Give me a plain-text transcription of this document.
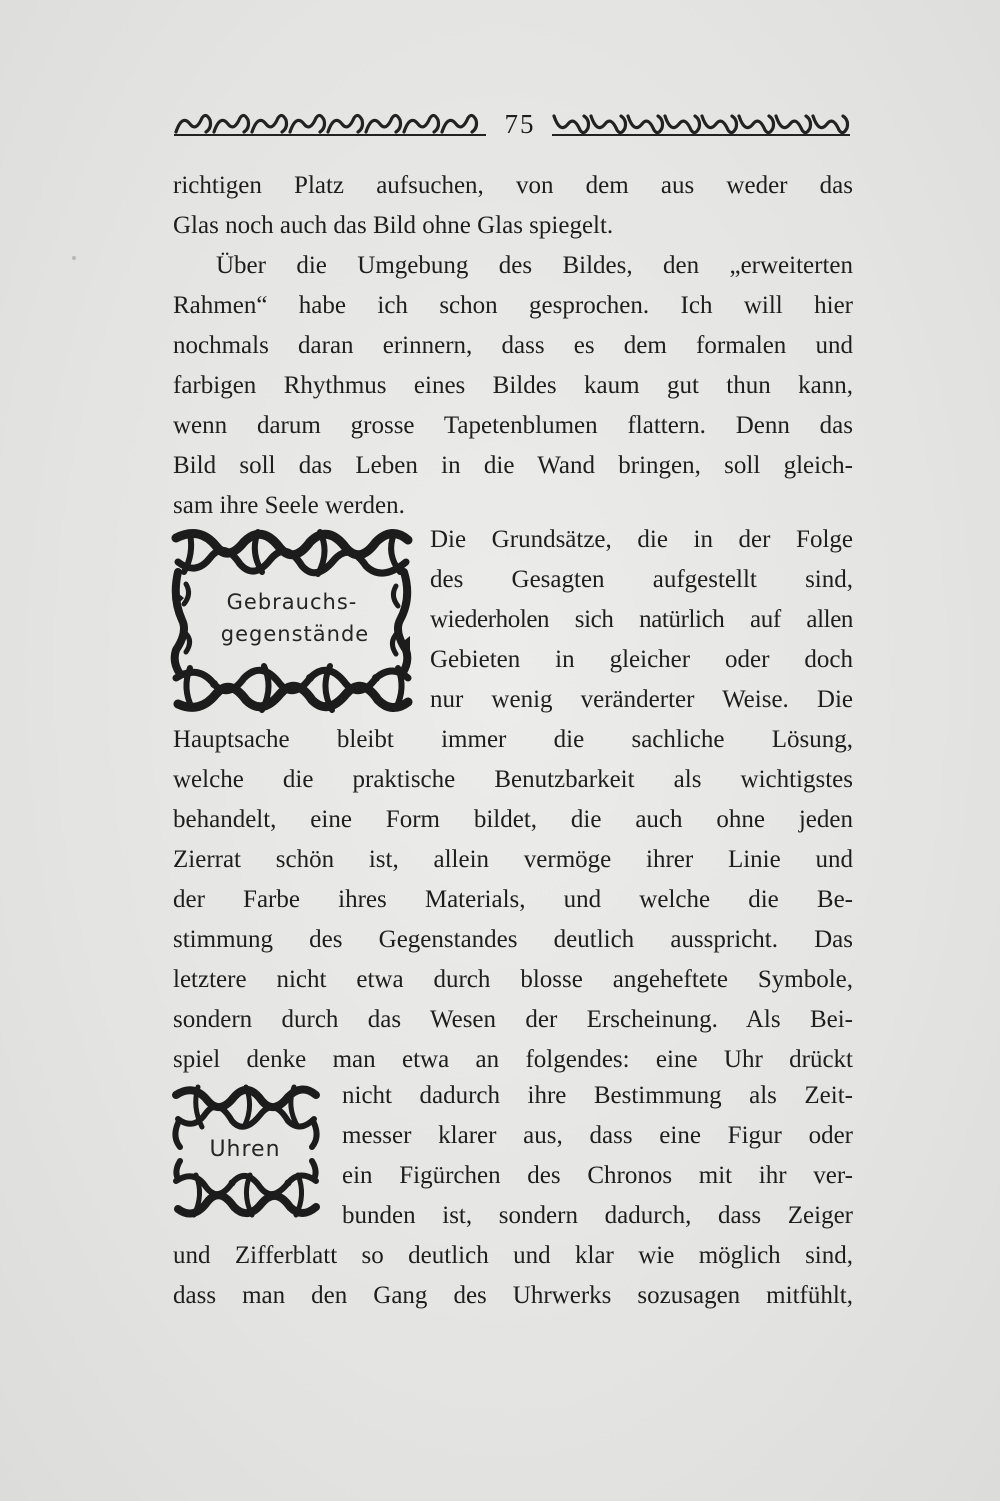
75
richtigen Platz aufsuchen, von dem aus weder das
Glas noch auch das Bild ohne Glas spiegelt.
Über die Umgebung des Bildes, den „erweiterten
Rahmen“ habe ich schon gesprochen. Ich will hier
nochmals daran erinnern, dass es dem formalen und
farbigen Rhythmus eines Bildes kaum gut thun kann,
wenn darum grosse Tapetenblumen flattern. Denn das
Bild soll das Leben in die Wand bringen, soll gleich-
sam ihre Seele werden.
Gebrauchs-
gegenstände
Die Grundsätze, die in der Folge
des Gesagten aufgestellt sind,
wiederholen sich natürlich auf allen
Gebieten in gleicher oder doch
nur wenig veränderter Weise. Die
Hauptsache bleibt immer die sachliche Lösung,
welche die praktische Benutzbarkeit als wichtigstes
behandelt, eine Form bildet, die auch ohne jeden
Zierrat schön ist, allein vermöge ihrer Linie und
der Farbe ihres Materials, und welche die Be-
stimmung des Gegenstandes deutlich ausspricht. Das
letztere nicht etwa durch blosse angeheftete Symbole,
sondern durch das Wesen der Erscheinung. Als Bei-
spiel denke man etwa an folgendes: eine Uhr drückt
Uhren
nicht dadurch ihre Bestimmung als Zeit-
messer klarer aus, dass eine Figur oder
ein Figürchen des Chronos mit ihr ver-
bunden ist, sondern dadurch, dass Zeiger
und Zifferblatt so deutlich und klar wie möglich sind,
dass man den Gang des Uhrwerks sozusagen mitfühlt,
